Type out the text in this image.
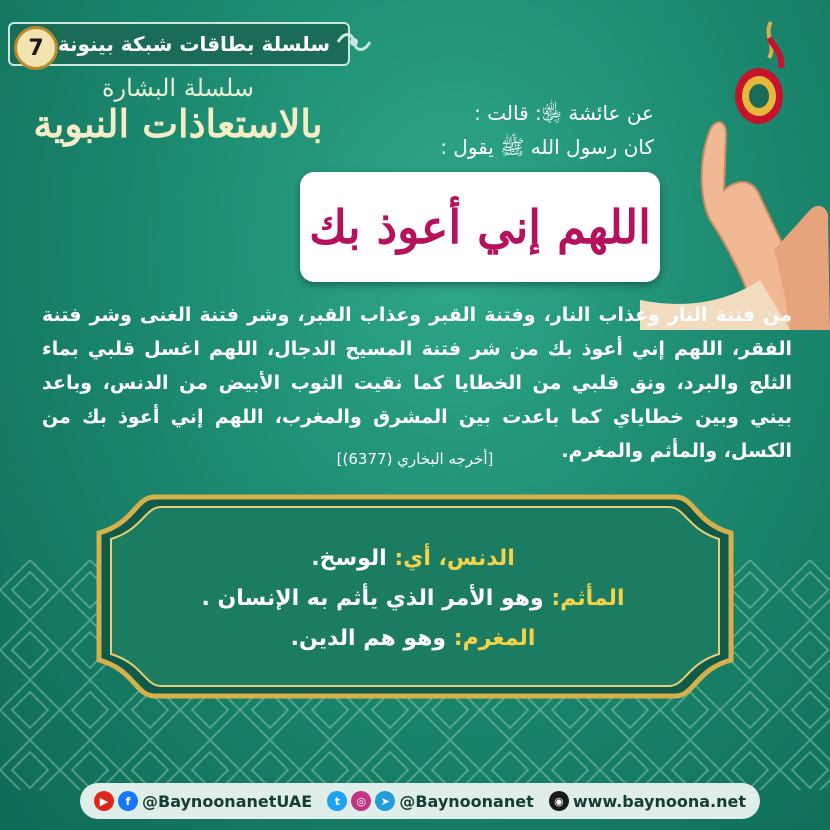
سلسلة بطاقات شبكة بينونة
7
سلسلة البشارة
بالاستعاذات النبوية	عن عائشة ﵂: قالت :
كان رسول الله ﷺ يقول :
اللهم إني أعوذ بك
من فتنة النار وعذاب النار، وفتنة القبر وعذاب القبر، وشر فتنة الغنى وشر فتنة الفقر، اللهم إني أعوذ بك من شر فتنة المسيح الدجال، اللهم اغسل قلبي بماء الثلج والبرد، ونق قلبي من الخطايا كما نقيت الثوب الأبيض من الدنس، وباعد بيني وبين خطاياي كما باعدت بين المشرق والمغرب، اللهم إني أعوذ بك من الكسل، والمأثم والمغرم.
[أخرجه البخاري (6377)]
الدنس، أي: الوسخ.
المأثم: وهو الأمر الذي يأثم به الإنسان .
المغرم: وهو هم الدين.
▶	f @BaynoonanetUAE	t	◎	➤ @Baynoonanet	◉ www.baynoona.net
